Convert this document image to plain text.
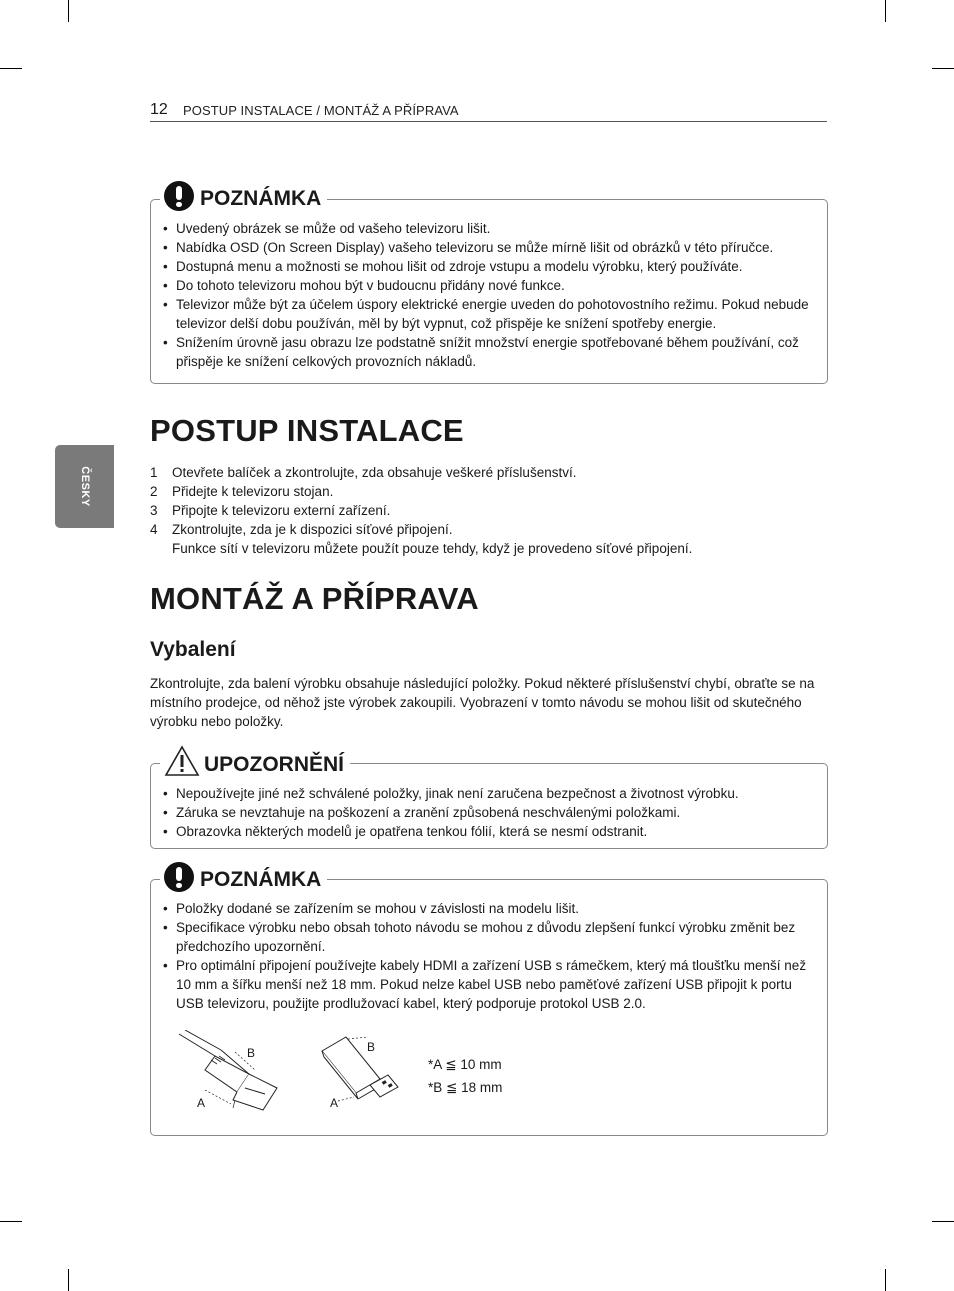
12 POSTUP INSTALACE / MONTÁŽ A PŘÍPRAVA
ČESKY
POZNÁMKA
• Uvedený obrázek se může od vašeho televizoru lišit.
• Nabídka OSD (On Screen Display) vašeho televizoru se může mírně lišit od obrázků v této příručce.
• Dostupná menu a možnosti se mohou lišit od zdroje vstupu a modelu výrobku, který používáte.
• Do tohoto televizoru mohou být v budoucnu přidány nové funkce.
• Televizor může být za účelem úspory elektrické energie uveden do pohotovostního režimu. Pokud nebude televizor delší dobu používán, měl by být vypnut, což přispěje ke snížení spotřeby energie.
• Snížením úrovně jasu obrazu lze podstatně snížit množství energie spotřebované během používání, což přispěje ke snížení celkových provozních nákladů.
POSTUP INSTALACE
1 Otevřete balíček a zkontrolujte, zda obsahuje veškeré příslušenství.
2 Přidejte k televizoru stojan.
3 Připojte k televizoru externí zařízení.
4 Zkontrolujte, zda je k dispozici síťové připojení.
Funkce sítí v televizoru můžete použít pouze tehdy, když je provedeno síťové připojení.
MONTÁŽ A PŘÍPRAVA
Vybalení
Zkontrolujte, zda balení výrobku obsahuje následující položky. Pokud některé příslušenství chybí, obraťte se na místního prodejce, od něhož jste výrobek zakoupili. Vyobrazení v tomto návodu se mohou lišit od skutečného výrobku nebo položky.
UPOZORNĚNÍ
• Nepoužívejte jiné než schválené položky, jinak není zaručena bezpečnost a životnost výrobku.
• Záruka se nevztahuje na poškození a zranění způsobená neschválenými položkami.
• Obrazovka některých modelů je opatřena tenkou fólií, která se nesmí odstranit.
POZNÁMKA
• Položky dodané se zařízením se mohou v závislosti na modelu lišit.
• Specifikace výrobku nebo obsah tohoto návodu se mohou z důvodu zlepšení funkcí výrobku změnit bez předchozího upozornění.
• Pro optimální připojení používejte kabely HDMI a zařízení USB s rámečkem, který má tloušťku menší než 10 mm a šířku menší než 18 mm. Pokud nelze kabel USB nebo paměťové zařízení USB připojit k portu USB televizoru, použijte prodlužovací kabel, který podporuje protokol USB 2.0.
B
A
B
A
*A ≦ 10 mm
*B ≦ 18 mm
